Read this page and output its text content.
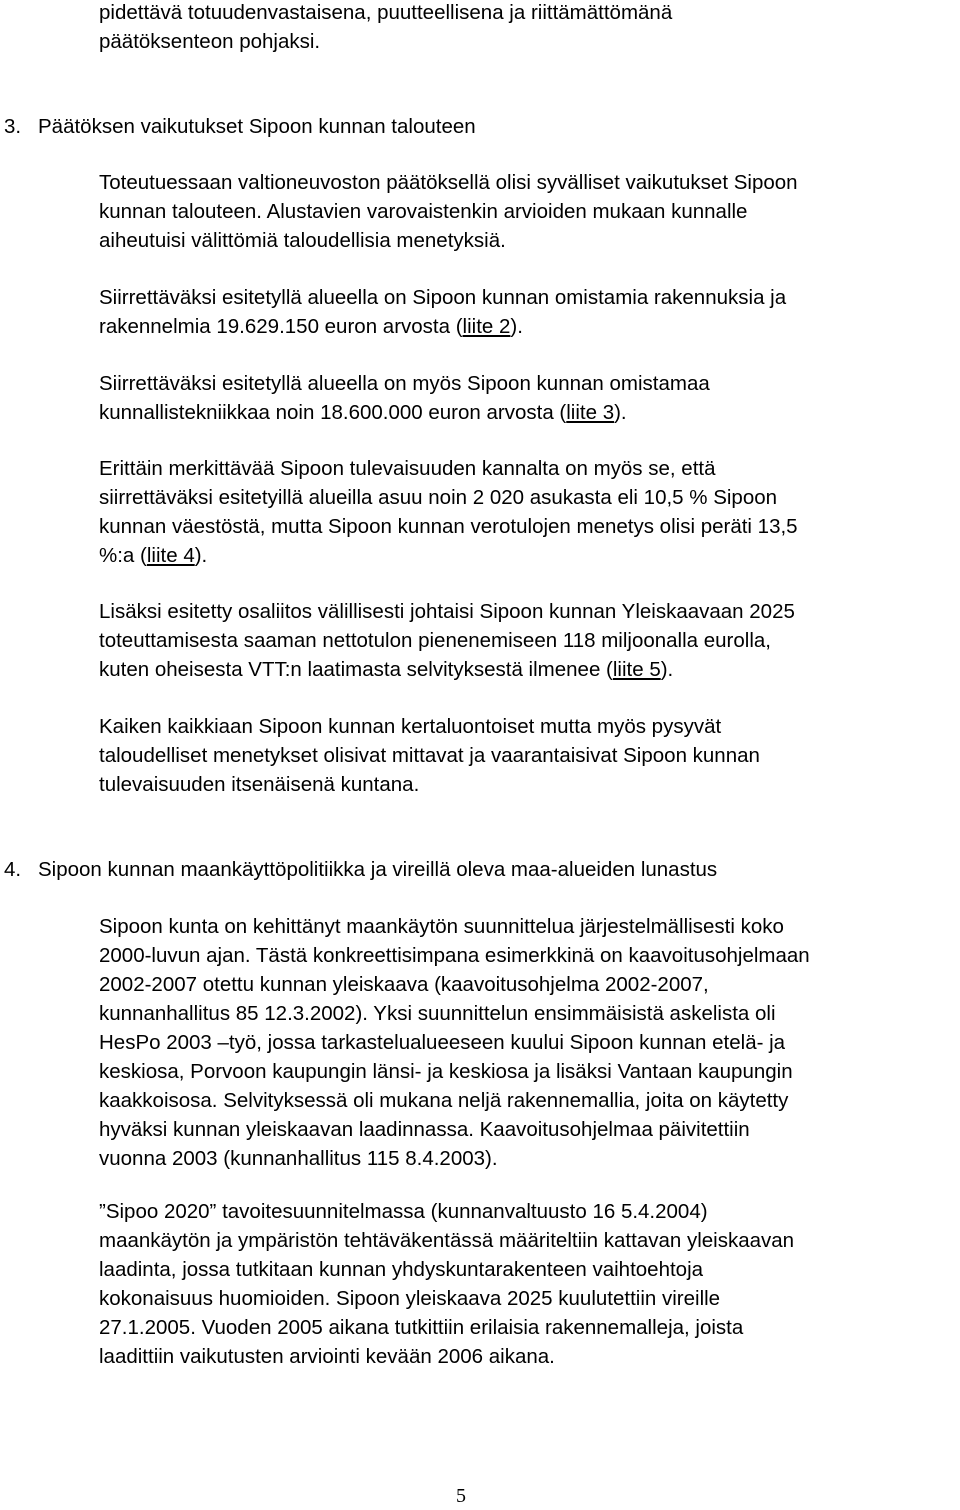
pidettävä totuudenvastaisena, puutteellisena ja riittämättömänä
päätöksenteon pohjaksi.
3. Päätöksen vaikutukset Sipoon kunnan talouteen
Toteutuessaan valtioneuvoston päätöksellä olisi syvälliset vaikutukset Sipoon
kunnan talouteen. Alustavien varovaistenkin arvioiden mukaan kunnalle
aiheutuisi välittömiä taloudellisia menetyksiä.
Siirrettäväksi esitetyllä alueella on Sipoon kunnan omistamia rakennuksia ja
rakennelmia 19.629.150 euron arvosta (liite 2).
Siirrettäväksi esitetyllä alueella on myös Sipoon kunnan omistamaa
kunnallistekniikkaa noin 18.600.000 euron arvosta (liite 3).
Erittäin merkittävää Sipoon tulevaisuuden kannalta on myös se, että
siirrettäväksi esitetyillä alueilla asuu noin 2 020 asukasta eli 10,5 % Sipoon
kunnan väestöstä, mutta Sipoon kunnan verotulojen menetys olisi peräti 13,5
%:a (liite 4).
Lisäksi esitetty osaliitos välillisesti johtaisi Sipoon kunnan Yleiskaavaan 2025
toteuttamisesta saaman nettotulon pienenemiseen 118 miljoonalla eurolla,
kuten oheisesta VTT:n laatimasta selvityksestä ilmenee (liite 5).
Kaiken kaikkiaan Sipoon kunnan kertaluontoiset mutta myös pysyvät
taloudelliset menetykset olisivat mittavat ja vaarantaisivat Sipoon kunnan
tulevaisuuden itsenäisenä kuntana.
4. Sipoon kunnan maankäyttöpolitiikka ja vireillä oleva maa-alueiden lunastus
Sipoon kunta on kehittänyt maankäytön suunnittelua järjestelmällisesti koko
2000-luvun ajan. Tästä konkreettisimpana esimerkkinä on kaavoitusohjelmaan
2002-2007 otettu kunnan yleiskaava (kaavoitusohjelma 2002-2007,
kunnanhallitus 85 12.3.2002). Yksi suunnittelun ensimmäisistä askelista oli
HesPo 2003 –työ, jossa tarkastelualueeseen kuului Sipoon kunnan etelä- ja
keskiosa, Porvoon kaupungin länsi- ja keskiosa ja lisäksi Vantaan kaupungin
kaakkoisosa. Selvityksessä oli mukana neljä rakennemallia, joita on käytetty
hyväksi kunnan yleiskaavan laadinnassa. Kaavoitusohjelmaa päivitettiin
vuonna 2003 (kunnanhallitus 115 8.4.2003).
”Sipoo 2020” tavoitesuunnitelmassa (kunnanvaltuusto 16 5.4.2004)
maankäytön ja ympäristön tehtäväkentässä määriteltiin kattavan yleiskaavan
laadinta, jossa tutkitaan kunnan yhdyskuntarakenteen vaihtoehtoja
kokonaisuus huomioiden. Sipoon yleiskaava 2025 kuulutettiin vireille
27.1.2005. Vuoden 2005 aikana tutkittiin erilaisia rakennemalleja, joista
laadittiin vaikutusten arviointi kevään 2006 aikana.
5
